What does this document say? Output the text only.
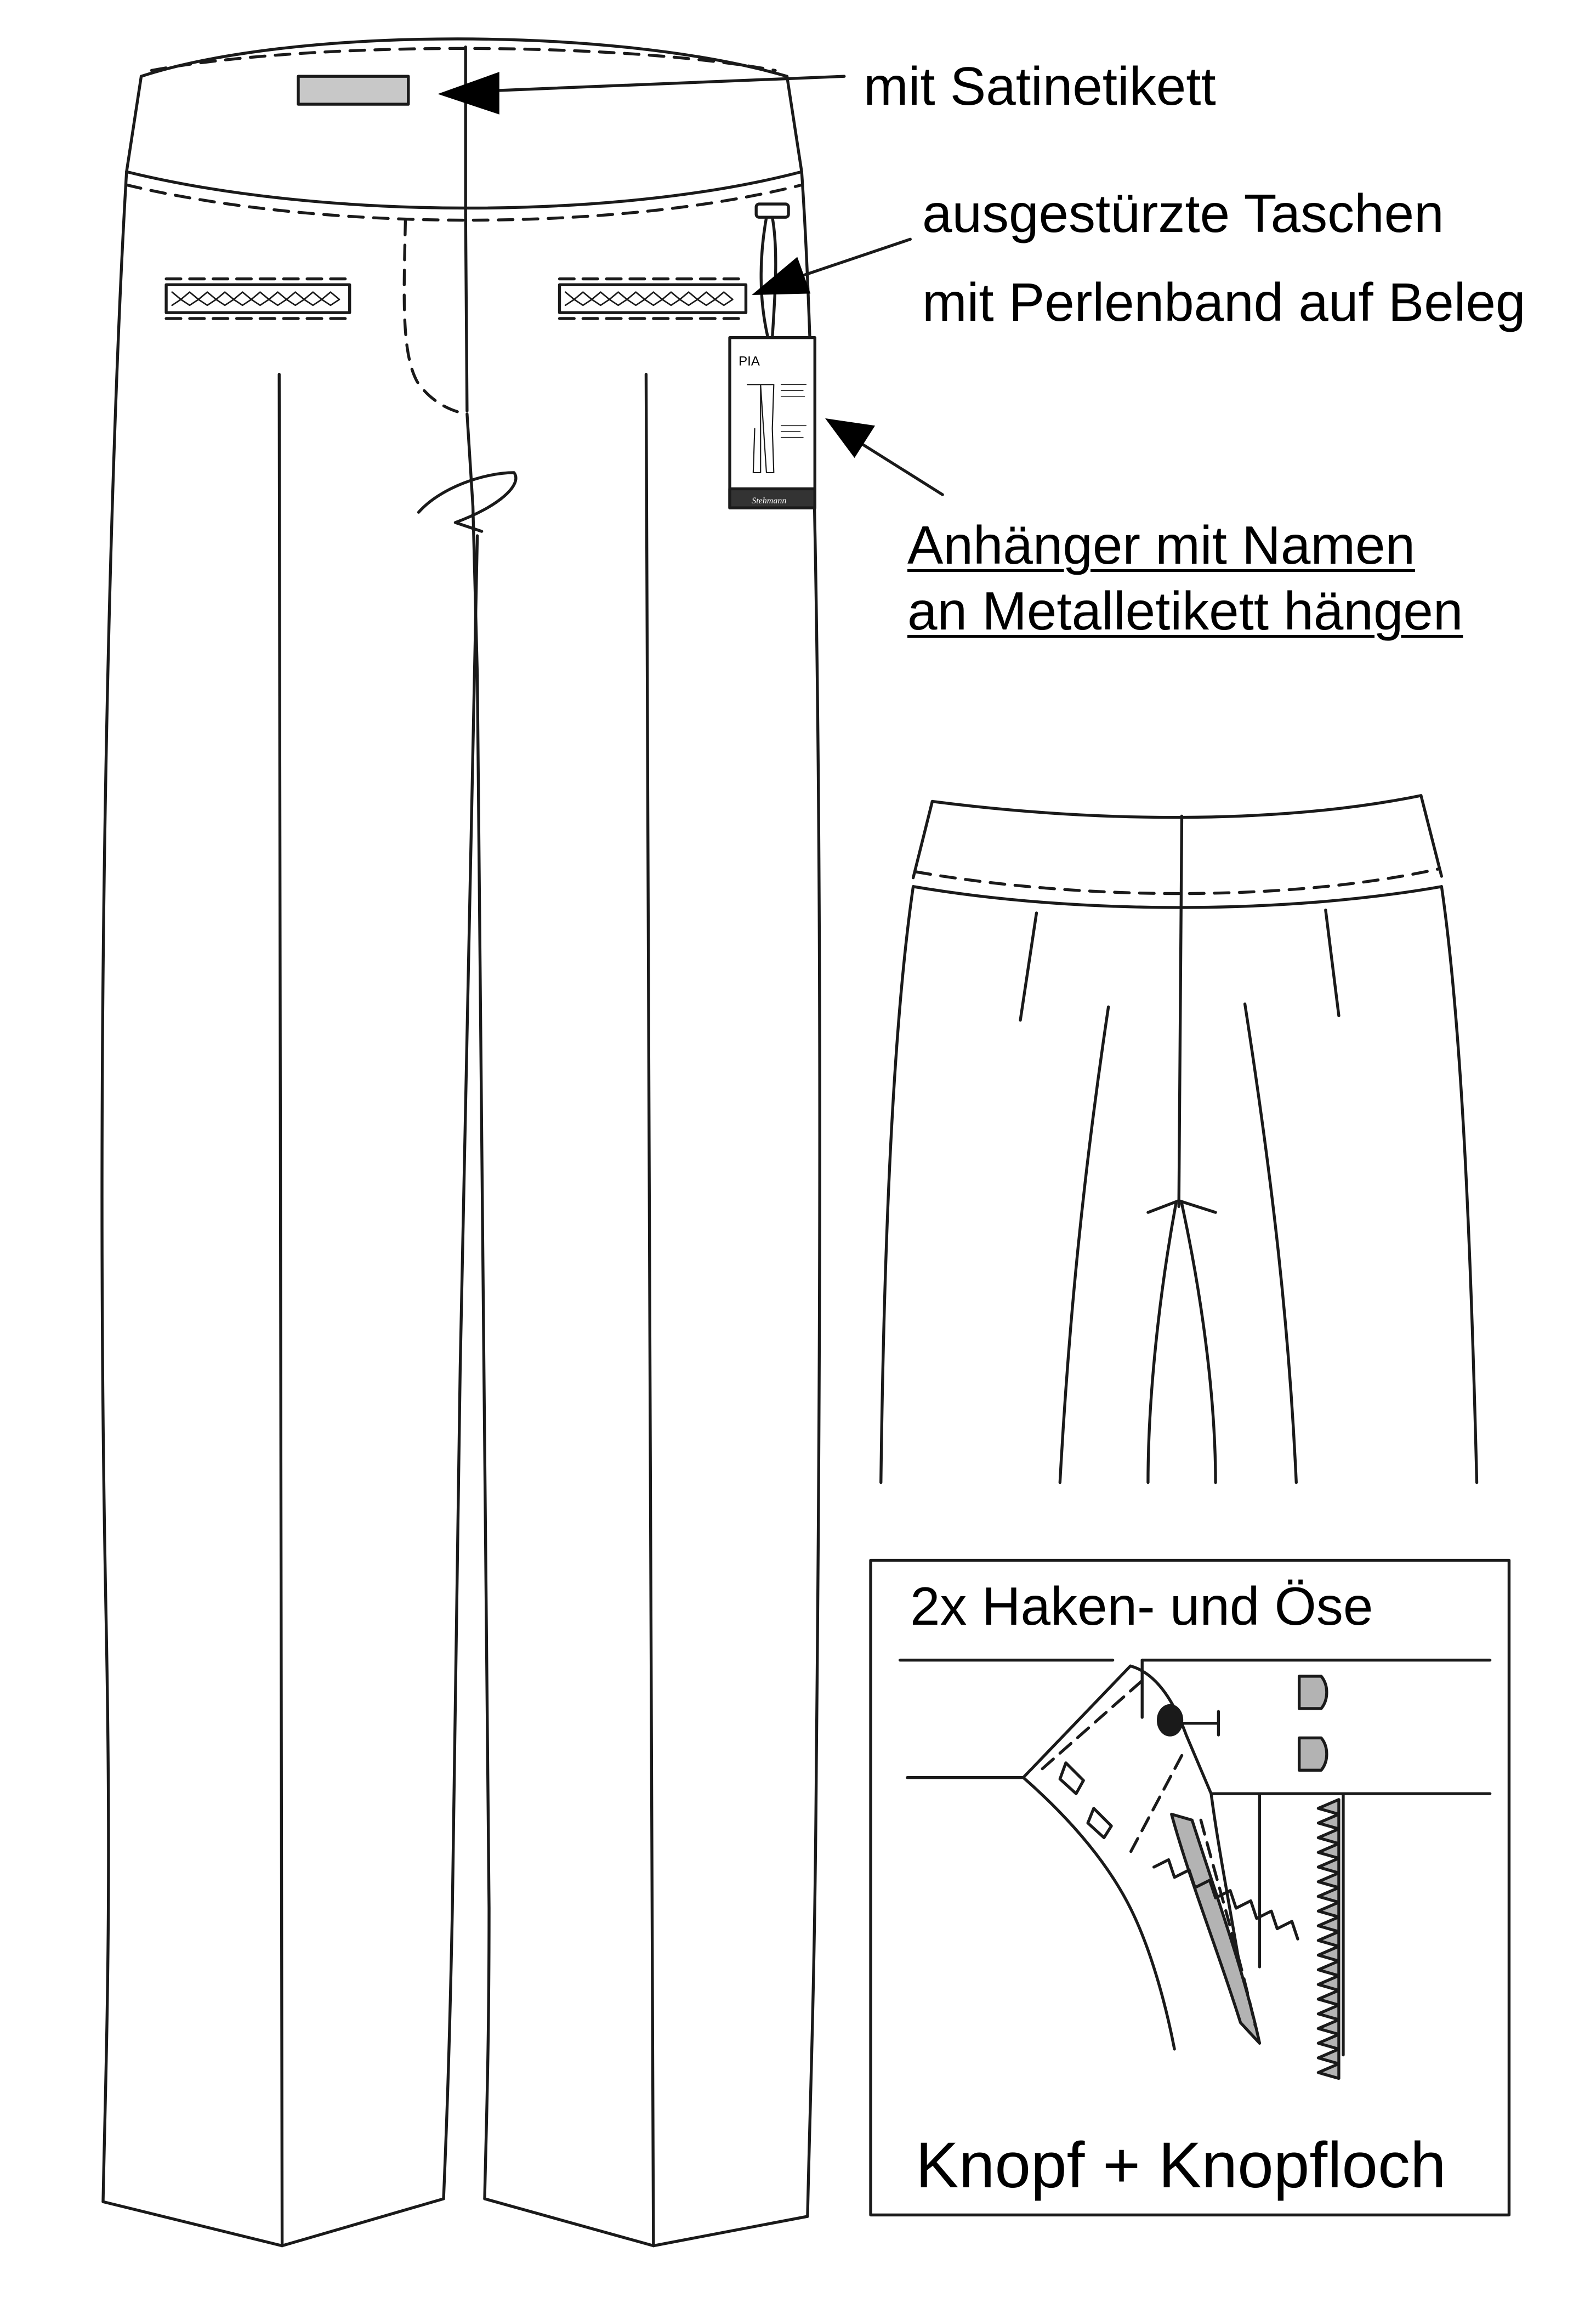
PIA
Stehmann
mit Satinetikett
ausgestürzte Taschen
mit Perlenband auf Beleg
Anhänger mit Namen
an Metalletikett hängen
2x Haken- und Öse
Knopf + Knopfloch
